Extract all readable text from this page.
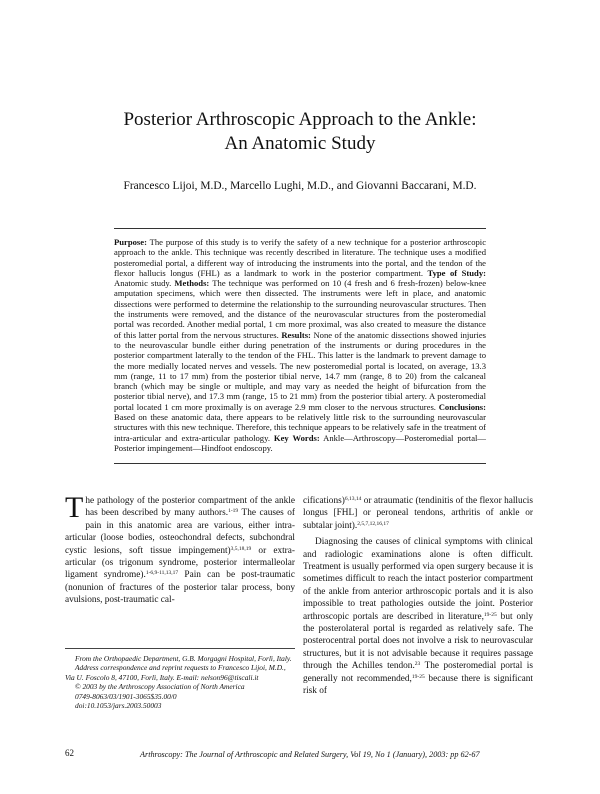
Posterior Arthroscopic Approach to the Ankle:
An Anatomic Study
Francesco Lijoi, M.D., Marcello Lughi, M.D., and Giovanni Baccarani, M.D.
Purpose: The purpose of this study is to verify the safety of a new technique for a posterior arthroscopic approach to the ankle. This technique was recently described in literature. The technique uses a modified posteromedial portal, a different way of introducing the instruments into the portal, and the tendon of the flexor hallucis longus (FHL) as a landmark to work in the posterior compartment. Type of Study: Anatomic study. Methods: The technique was performed on 10 (4 fresh and 6 fresh-frozen) below-knee amputation specimens, which were then dissected. The instruments were left in place, and anatomic dissections were performed to determine the relationship to the surrounding neurovascular structures. Then the instruments were removed, and the distance of the neurovascular structures from the posteromedial portal was recorded. Another medial portal, 1 cm more proximal, was also created to measure the distance of this latter portal from the nervous structures. Results: None of the anatomic dissections showed injuries to the neurovascular bundle either during penetration of the instruments or during procedures in the posterior compartment laterally to the tendon of the FHL. This latter is the landmark to prevent damage to the more medially located nerves and vessels. The new posteromedial portal is located, on average, 13.3 mm (range, 11 to 17 mm) from the posterior tibial nerve, 14.7 mm (range, 8 to 20) from the calcaneal branch (which may be single or multiple, and may vary as needed the height of bifurcation from the posterior tibial nerve), and 17.3 mm (range, 15 to 21 mm) from the posterior tibial artery. A posteromedial portal located 1 cm more proximally is on average 2.9 mm closer to the nervous structures. Conclusions: Based on these anatomic data, there appears to be relatively little risk to the surrounding neurovascular structures with this new technique. Therefore, this technique appears to be relatively safe in the treatment of intra-articular and extra-articular pathology. Key Words: Ankle—Arthroscopy—Posteromedial portal—Posterior impingement—Hindfoot endoscopy.

The pathology of the posterior compartment of the ankle has been described by many authors.$^{1-19}$ The causes of pain in this anatomic area are various, either intra-articular (loose bodies, osteochondral defects, subchondral cystic lesions, soft tissue impingement)$^{3,5,18,19}$ or extra-articular (os trigonum syndrome, posterior intermalleolar ligament syndrome).$^{1-6,9-11,13,17}$ Pain can be post-traumatic (nonunion of fractures of the posterior talar process, bony avulsions, post-traumatic cal-

From the Orthopaedic Department, G.B. Morgagni Hospital, Forlì, Italy.
Address correspondence and reprint requests to Francesco Lijoi, M.D., Via U. Foscolo 8, 47100, Forlì, Italy. E-mail: nelson96@tiscali.it
© 2003 by the Arthroscopy Association of North America
0749-8063/03/1901-3065$35.00/0
doi:10.1053/jars.2003.50003

cifications)$^{6,13,14}$ or atraumatic (tendinitis of the flexor hallucis longus [FHL] or peroneal tendons, arthritis of ankle or subtalar joint).$^{2,5,7,12,16,17}$

Diagnosing the causes of clinical symptoms with clinical and radiologic examinations alone is often difficult. Treatment is usually performed via open surgery because it is sometimes difficult to reach the intact posterior compartment of the ankle from anterior arthroscopic portals and it is also impossible to treat pathologies outside the joint. Posterior arthroscopic portals are described in literature,$^{19-25}$ but only the posterolateral portal is regarded as relatively safe. The posterocentral portal does not involve a risk to neurovascular structures, but it is not advisable because it requires passage through the Achilles tendon.$^{23}$ The posteromedial portal is generally not recommended,$^{19-25}$ because there is significant risk of

62	Arthroscopy: The Journal of Arthroscopic and Related Surgery, Vol 19, No 1 (January), 2003: pp 62-67
